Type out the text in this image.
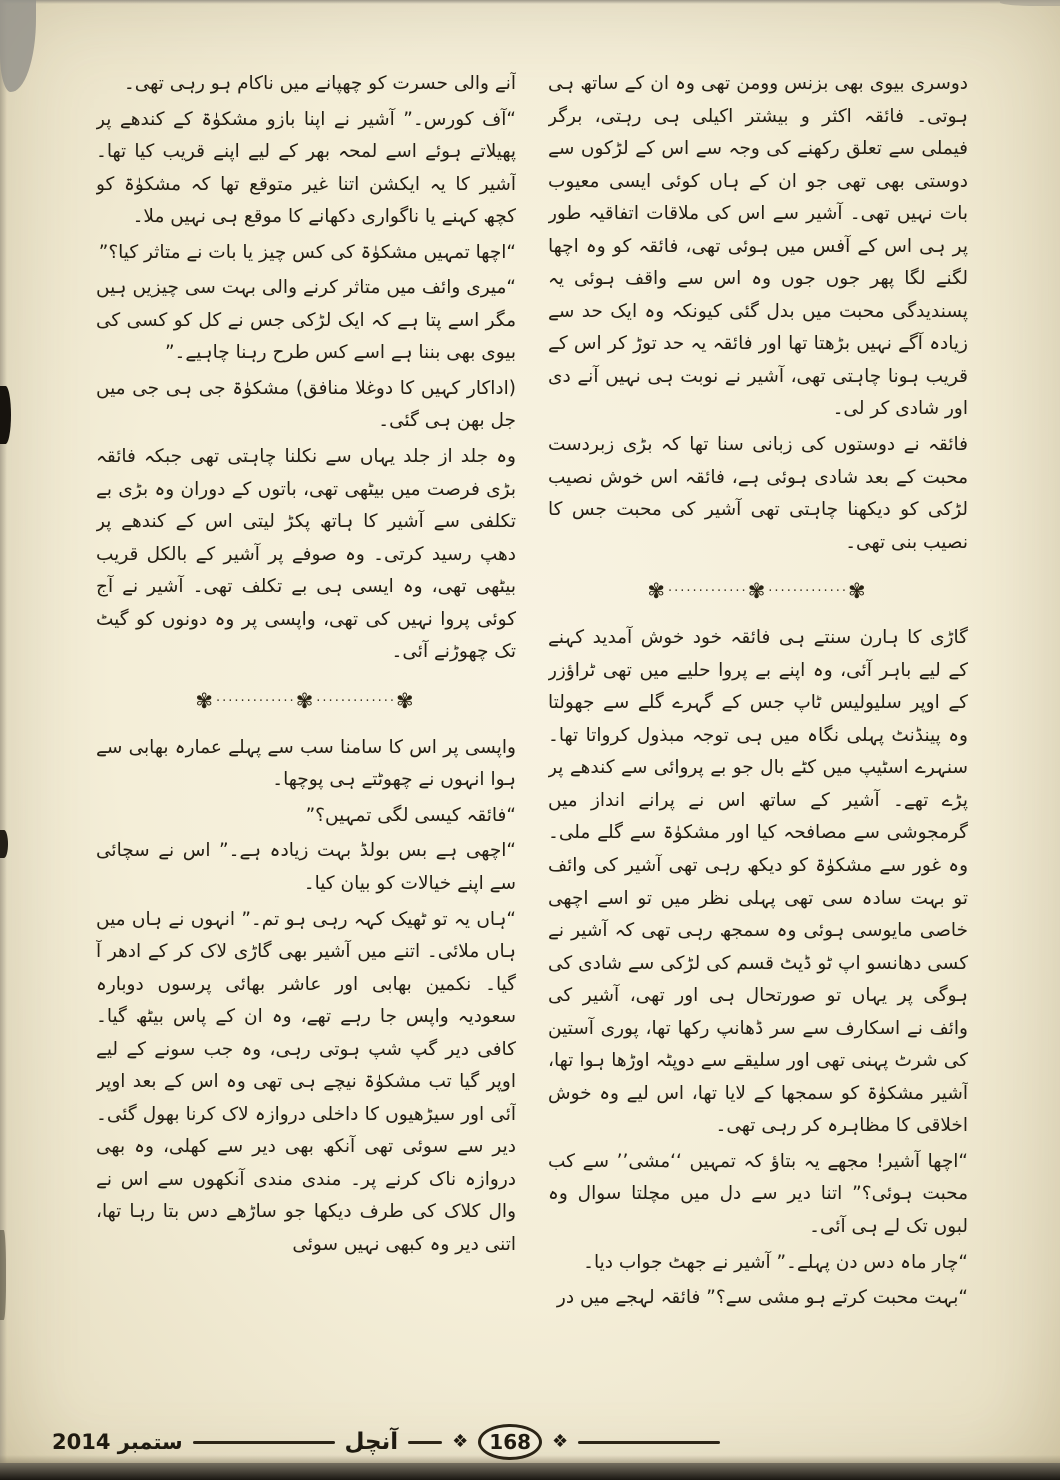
دوسری بیوی بھی بزنس وومن تھی وہ ان کے ساتھ ہی ہوتی۔ فائقہ اکثر و بیشتر اکیلی ہی رہتی، برگر فیملی سے تعلق رکھنے کی وجہ سے اس کے لڑکوں سے دوستی بھی تھی جو ان کے ہاں کوئی ایسی معیوب بات نہیں تھی۔ آشیر سے اس کی ملاقات اتفاقیہ طور پر ہی اس کے آفس میں ہوئی تھی، فائقہ کو وہ اچھا لگنے لگا پھر جوں جوں وہ اس سے واقف ہوئی یہ پسندیدگی محبت میں بدل گئی کیونکہ وہ ایک حد سے زیادہ آگے نہیں بڑھتا تھا اور فائقہ یہ حد توڑ کر اس کے قریب ہونا چاہتی تھی، آشیر نے نوبت ہی نہیں آنے دی اور شادی کر لی۔

فائقہ نے دوستوں کی زبانی سنا تھا کہ بڑی زبردست محبت کے بعد شادی ہوئی ہے، فائقہ اس خوش نصیب لڑکی کو دیکھنا چاہتی تھی آشیر کی محبت جس کا نصیب بنی تھی۔

✾·············✾·············✾

گاڑی کا ہارن سنتے ہی فائقہ خود خوش آمدید کہنے کے لیے باہر آئی، وہ اپنے بے پروا حلیے میں تھی ٹراؤزر کے اوپر سلیولیس ٹاپ جس کے گہرے گلے سے جھولتا وہ پینڈنٹ پہلی نگاہ میں ہی توجہ مبذول کرواتا تھا۔ سنہرے اسٹیپ میں کٹے بال جو بے پروائی سے کندھے پر پڑے تھے۔ آشیر کے ساتھ اس نے پرانے انداز میں گرمجوشی سے مصافحہ کیا اور مشکوٰۃ سے گلے ملی۔ وہ غور سے مشکوٰۃ کو دیکھ رہی تھی آشیر کی وائف تو بہت سادہ سی تھی پہلی نظر میں تو اسے اچھی خاصی مایوسی ہوئی وہ سمجھ رہی تھی کہ آشیر نے کسی دھانسو اپ ٹو ڈیٹ قسم کی لڑکی سے شادی کی ہوگی پر یہاں تو صورتحال ہی اور تھی، آشیر کی وائف نے اسکارف سے سر ڈھانپ رکھا تھا، پوری آستین کی شرٹ پہنی تھی اور سلیقے سے دوپٹہ اوڑھا ہوا تھا، آشیر مشکوٰۃ کو سمجھا کے لایا تھا، اس لیے وہ خوش اخلاقی کا مظاہرہ کر رہی تھی۔

“اچھا آشیر! مجھے یہ بتاؤ کہ تمہیں ‘‘مشی’’ سے کب محبت ہوئی؟” اتنا دیر سے دل میں مچلتا سوال وہ لبوں تک لے ہی آئی۔

“چار ماہ دس دن پہلے۔” آشیر نے جھٹ جواب دیا۔

“بہت محبت کرتے ہو مشی سے؟” فائقہ لہجے میں در

آنے والی حسرت کو چھپانے میں ناکام ہو رہی تھی۔

“آف کورس۔” آشیر نے اپنا بازو مشکوٰۃ کے کندھے پر پھیلاتے ہوئے اسے لمحہ بھر کے لیے اپنے قریب کیا تھا۔ آشیر کا یہ ایکشن اتنا غیر متوقع تھا کہ مشکوٰۃ کو کچھ کہنے یا ناگواری دکھانے کا موقع ہی نہیں ملا۔

“اچھا تمہیں مشکوٰۃ کی کس چیز یا بات نے متاثر کیا؟”

“میری وائف میں متاثر کرنے والی بہت سی چیزیں ہیں مگر اسے پتا ہے کہ ایک لڑکی جس نے کل کو کسی کی بیوی بھی بننا ہے اسے کس طرح رہنا چاہیے۔”

(اداکار کہیں کا دوغلا منافق) مشکوٰۃ جی ہی جی میں جل بھن ہی گئی۔

وہ جلد از جلد یہاں سے نکلنا چاہتی تھی جبکہ فائقہ بڑی فرصت میں بیٹھی تھی، باتوں کے دوران وہ بڑی بے تکلفی سے آشیر کا ہاتھ پکڑ لیتی اس کے کندھے پر دھپ رسید کرتی۔ وہ صوفے پر آشیر کے بالکل قریب بیٹھی تھی، وہ ایسی ہی بے تکلف تھی۔ آشیر نے آج کوئی پروا نہیں کی تھی، واپسی پر وہ دونوں کو گیٹ تک چھوڑنے آئی۔

✾·············✾·············✾

واپسی پر اس کا سامنا سب سے پہلے عمارہ بھابی سے ہوا انہوں نے چھوٹتے ہی پوچھا۔

“فائقہ کیسی لگی تمہیں؟”

“اچھی ہے بس بولڈ بہت زیادہ ہے۔” اس نے سچائی سے اپنے خیالات کو بیان کیا۔

“ہاں یہ تو ٹھیک کہہ رہی ہو تم۔” انہوں نے ہاں میں ہاں ملائی۔ اتنے میں آشیر بھی گاڑی لاک کر کے ادھر آ گیا۔ نکمین بھابی اور عاشر بھائی پرسوں دوبارہ سعودیہ واپس جا رہے تھے، وہ ان کے پاس بیٹھ گیا۔ کافی دیر گپ شپ ہوتی رہی، وہ جب سونے کے لیے اوپر گیا تب مشکوٰۃ نیچے ہی تھی وہ اس کے بعد اوپر آئی اور سیڑھیوں کا داخلی دروازہ لاک کرنا بھول گئی۔ دیر سے سوئی تھی آنکھ بھی دیر سے کھلی، وہ بھی دروازہ ناک کرنے پر۔ مندی مندی آنکھوں سے اس نے وال کلاک کی طرف دیکھا جو ساڑھے دس بتا رہا تھا، اتنی دیر وہ کبھی نہیں سوئی

ستمبر 2014	آنچل	❖	168	❖
